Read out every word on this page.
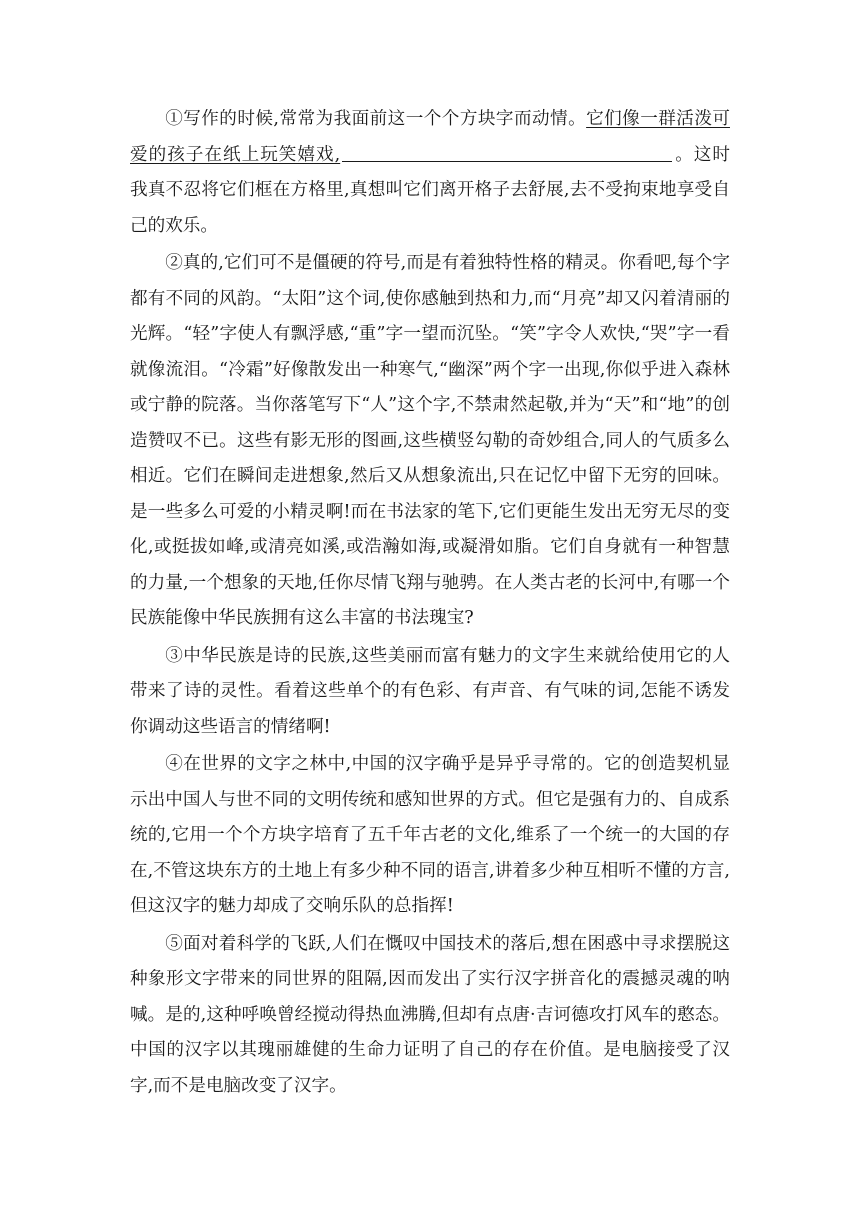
①写作的时候,常常为我面前这一个个方块字而动情。它们像一群活泼可爱的孩子在纸上玩笑嬉戏,	。这时我真不忍将它们框在方格里,真想叫它们离开格子去舒展,去不受拘束地享受自己的欢乐。

②真的,它们可不是僵硬的符号,而是有着独特性格的精灵。你看吧,每个字都有不同的风韵。“太阳”这个词,使你感触到热和力,而“月亮”却又闪着清丽的光辉。“轻”字使人有飘浮感,“重”字一望而沉坠。“笑”字令人欢快,“哭”字一看就像流泪。“冷霜”好像散发出一种寒气,“幽深”两个字一出现,你似乎进入森林或宁静的院落。当你落笔写下“人”这个字,不禁肃然起敬,并为“天”和“地”的创造赞叹不已。这些有影无形的图画,这些横竖勾勒的奇妙组合,同人的气质多么相近。它们在瞬间走进想象,然后又从想象流出,只在记忆中留下无穷的回味。是一些多么可爱的小精灵啊!而在书法家的笔下,它们更能生发出无穷无尽的变化,或挺拔如峰,或清亮如溪,或浩瀚如海,或凝滑如脂。它们自身就有一种智慧的力量,一个想象的天地,任你尽情飞翔与驰骋。在人类古老的长河中,有哪一个民族能像中华民族拥有这么丰富的书法瑰宝?

③中华民族是诗的民族,这些美丽而富有魅力的文字生来就给使用它的人带来了诗的灵性。看着这些单个的有色彩、有声音、有气味的词,怎能不诱发你调动这些语言的情绪啊!

④在世界的文字之林中,中国的汉字确乎是异乎寻常的。它的创造契机显示出中国人与世不同的文明传统和感知世界的方式。但它是强有力的、自成系统的,它用一个个方块字培育了五千年古老的文化,维系了一个统一的大国的存在,不管这块东方的土地上有多少种不同的语言,讲着多少种互相听不懂的方言,但这汉字的魅力却成了交响乐队的总指挥!

⑤面对着科学的飞跃,人们在慨叹中国技术的落后,想在困惑中寻求摆脱这种象形文字带来的同世界的阻隔,因而发出了实行汉字拼音化的震撼灵魂的呐喊。是的,这种呼唤曾经搅动得热血沸腾,但却有点唐·吉诃德攻打风车的憨态。中国的汉字以其瑰丽雄健的生命力证明了自己的存在价值。是电脑接受了汉字,而不是电脑改变了汉字。
